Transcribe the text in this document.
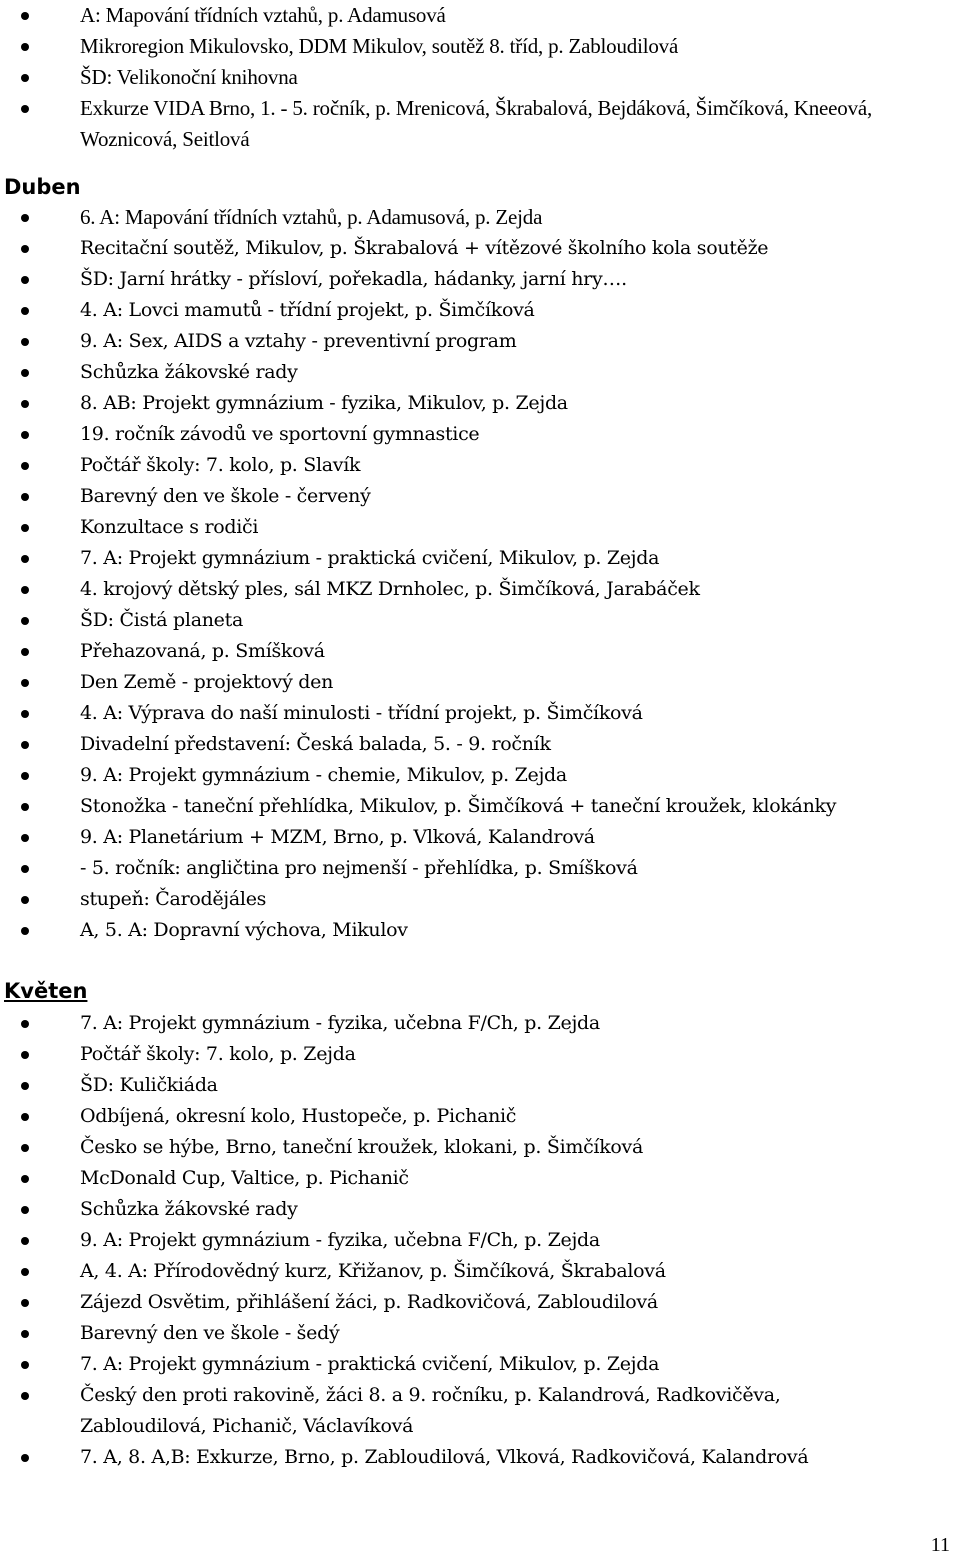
A: Mapování třídních vztahů, p. Adamusová
Mikroregion Mikulovsko, DDM Mikulov, soutěž 8. tříd, p. Zabloudilová
ŠD: Velikonoční knihovna
Exkurze VIDA Brno, 1. - 5. ročník, p. Mrenicová, Škrabalová, Bejdáková, Šimčíková, Kneeová, Woznicová, Seitlová
Duben
6. A: Mapování třídních vztahů, p. Adamusová, p. Zejda
Recitační soutěž, Mikulov, p. Škrabalová + vítězové školního kola soutěže
ŠD: Jarní hrátky - přísloví, pořekadla, hádanky, jarní hry….
4. A: Lovci mamutů - třídní projekt, p. Šimčíková
9. A: Sex, AIDS a vztahy - preventivní program
Schůzka žákovské rady
8. AB: Projekt gymnázium - fyzika, Mikulov, p. Zejda
19. ročník závodů ve sportovní gymnastice
Počtář školy: 7. kolo, p. Slavík
Barevný den ve škole - červený
Konzultace s rodiči
7. A: Projekt gymnázium - praktická cvičení, Mikulov, p. Zejda
4. krojový dětský ples, sál MKZ Drnholec, p. Šimčíková, Jarabáček
ŠD: Čistá planeta
Přehazovaná, p. Smíšková
Den Země - projektový den
4. A: Výprava do naší minulosti - třídní projekt, p. Šimčíková
Divadelní představení: Česká balada, 5. - 9. ročník
9. A: Projekt gymnázium - chemie, Mikulov, p. Zejda
Stonožka - taneční přehlídka, Mikulov, p. Šimčíková + taneční kroužek, klokánky
9. A: Planetárium + MZM, Brno, p. Vlková, Kalandrová
- 5. ročník: angličtina pro nejmenší - přehlídka, p. Smíšková
stupeň: Čarodějáles
A, 5. A: Dopravní výchova, Mikulov
Květen
7. A: Projekt gymnázium - fyzika, učebna F/Ch, p. Zejda
Počtář školy: 7. kolo, p. Zejda
ŠD: Kuličkiáda
Odbíjená, okresní kolo, Hustopeče, p. Pichanič
Česko se hýbe, Brno, taneční kroužek, klokani, p. Šimčíková
McDonald Cup, Valtice, p. Pichanič
Schůzka žákovské rady
9. A: Projekt gymnázium - fyzika, učebna F/Ch, p. Zejda
A, 4. A: Přírodovědný kurz, Křižanov, p. Šimčíková, Škrabalová
Zájezd Osvětim, přihlášení žáci, p. Radkovičová, Zabloudilová
Barevný den ve škole - šedý
7. A: Projekt gymnázium - praktická cvičení, Mikulov, p. Zejda
Český den proti rakovině, žáci 8. a 9. ročníku, p. Kalandrová, Radkovičěva, Zabloudilová, Pichanič, Václavíková
7. A, 8. A,B: Exkurze, Brno, p. Zabloudilová, Vlková, Radkovičová, Kalandrová
11
